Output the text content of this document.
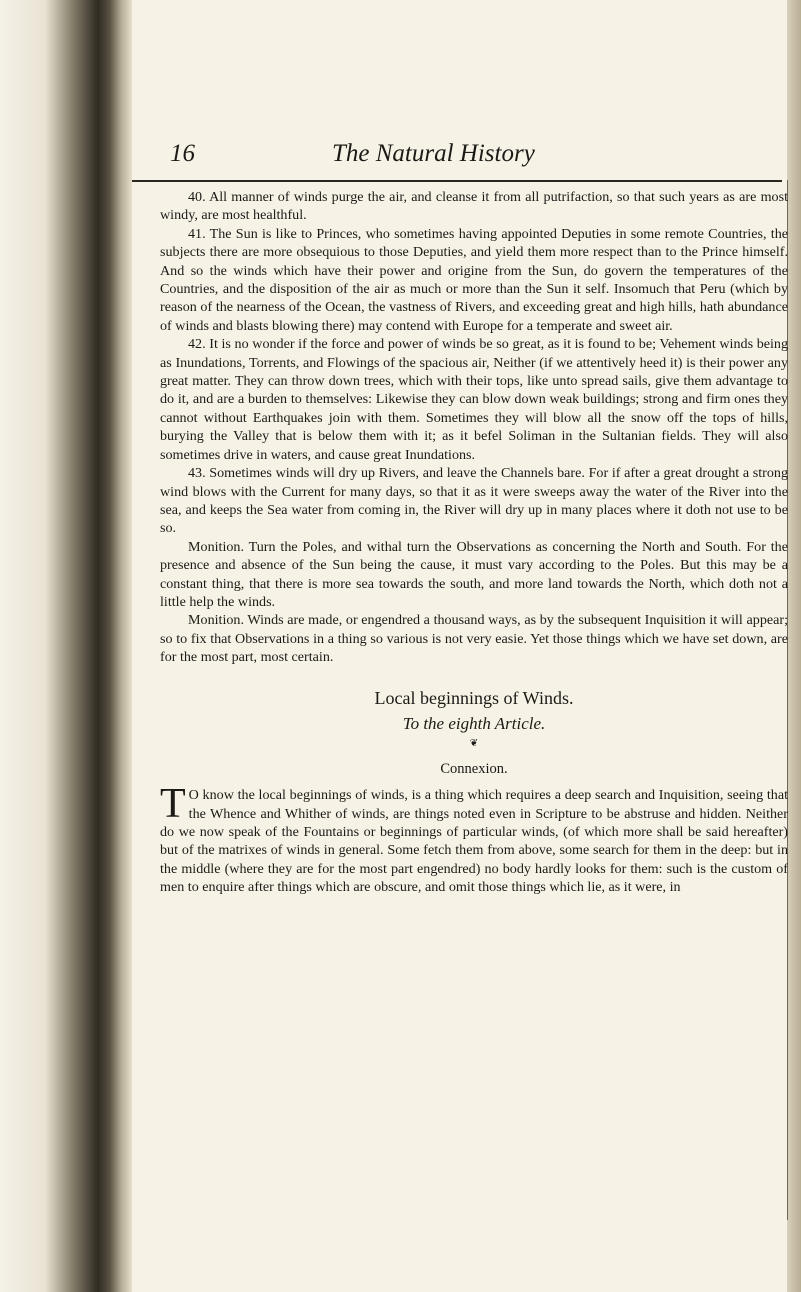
16	The Natural History

40. All manner of winds purge the air, and cleanse it from all putrifaction, so that such years as are most windy, are most healthful.

41. The Sun is like to Princes, who sometimes having appointed Deputies in some remote Countries, the subjects there are more obsequious to those Deputies, and yield them more respect than to the Prince himself. And so the winds which have their power and origine from the Sun, do govern the temperatures of the Countries, and the disposition of the air as much or more than the Sun it self. Insomuch that Peru (which by reason of the nearness of the Ocean, the vastness of Rivers, and exceeding great and high hills, hath abundance of winds and blasts blowing there) may contend with Europe for a temperate and sweet air.

42. It is no wonder if the force and power of winds be so great, as it is found to be; Vehement winds being as Inundations, Torrents, and Flowings of the spacious air, Neither (if we attentively heed it) is their power any great matter. They can throw down trees, which with their tops, like unto spread sails, give them advantage to do it, and are a burden to themselves: Likewise they can blow down weak buildings; strong and firm ones they cannot without Earthquakes join with them. Sometimes they will blow all the snow off the tops of hills, burying the Valley that is below them with it; as it befel Soliman in the Sultanian fields. They will also sometimes drive in waters, and cause great Inundations.

43. Sometimes winds will dry up Rivers, and leave the Channels bare. For if after a great drought a strong wind blows with the Current for many days, so that it as it were sweeps away the water of the River into the sea, and keeps the Sea water from coming in, the River will dry up in many places where it doth not use to be so.

Monition. Turn the Poles, and withal turn the Observations as concerning the North and South. For the presence and absence of the Sun being the cause, it must vary according to the Poles. But this may be a constant thing, that there is more sea towards the south, and more land towards the North, which doth not a little help the winds.

Monition. Winds are made, or engendred a thousand ways, as by the subsequent Inquisition it will appear; so to fix that Observations in a thing so various is not very easie. Yet those things which we have set down, are for the most part, most certain.

Local beginnings of Winds.

To the eighth Article.

❦

Connexion.

T O know the local beginnings of winds, is a thing which requires a deep search and Inquisition, seeing that the Whence and Whither of winds, are things noted even in Scripture to be abstruse and hidden. Neither do we now speak of the Fountains or beginnings of particular winds, (of which more shall be said hereafter) but of the matrixes of winds in general. Some fetch them from above, some search for them in the deep: but in the middle (where they are for the most part engendred) no body hardly looks for them: such is the custom of men to enquire after things which are obscure, and omit those things which lie, as it were, in
